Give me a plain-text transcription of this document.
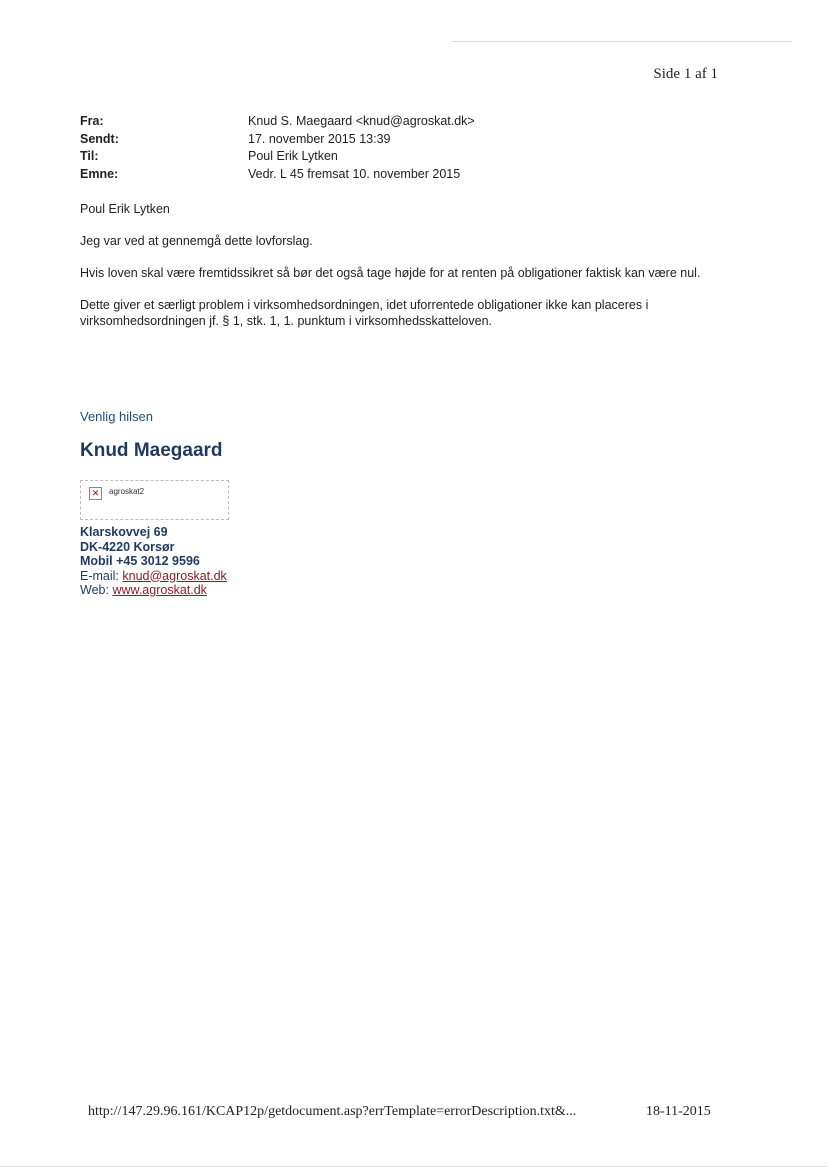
Side 1 af 1
Fra:	Knud S. Maegaard <knud@agroskat.dk>
Sendt:	17. november 2015 13:39
Til:	Poul Erik Lytken
Emne:	Vedr. L 45 fremsat 10. november 2015

Poul Erik Lytken

Jeg var ved at gennemgå dette lovforslag.

Hvis loven skal være fremtidssikret så bør det også tage højde for at renten på obligationer faktisk kan være nul.

Dette giver et særligt problem i virksomhedsordningen, idet uforrentede obligationer ikke kan placeres i virksomhedsordningen jf. § 1, stk. 1, 1. punktum i virksomhedsskatteloven.

Venlig hilsen

Knud Maegaard

✕	agroskat2
Klarskovvej 69
DK-4220 Korsør
Mobil +45 3012 9596
E-mail: knud@agroskat.dk
Web: www.agroskat.dk
http://147.29.96.161/KCAP12p/getdocument.asp?errTemplate=errorDescription.txt&...	18-11-2015
